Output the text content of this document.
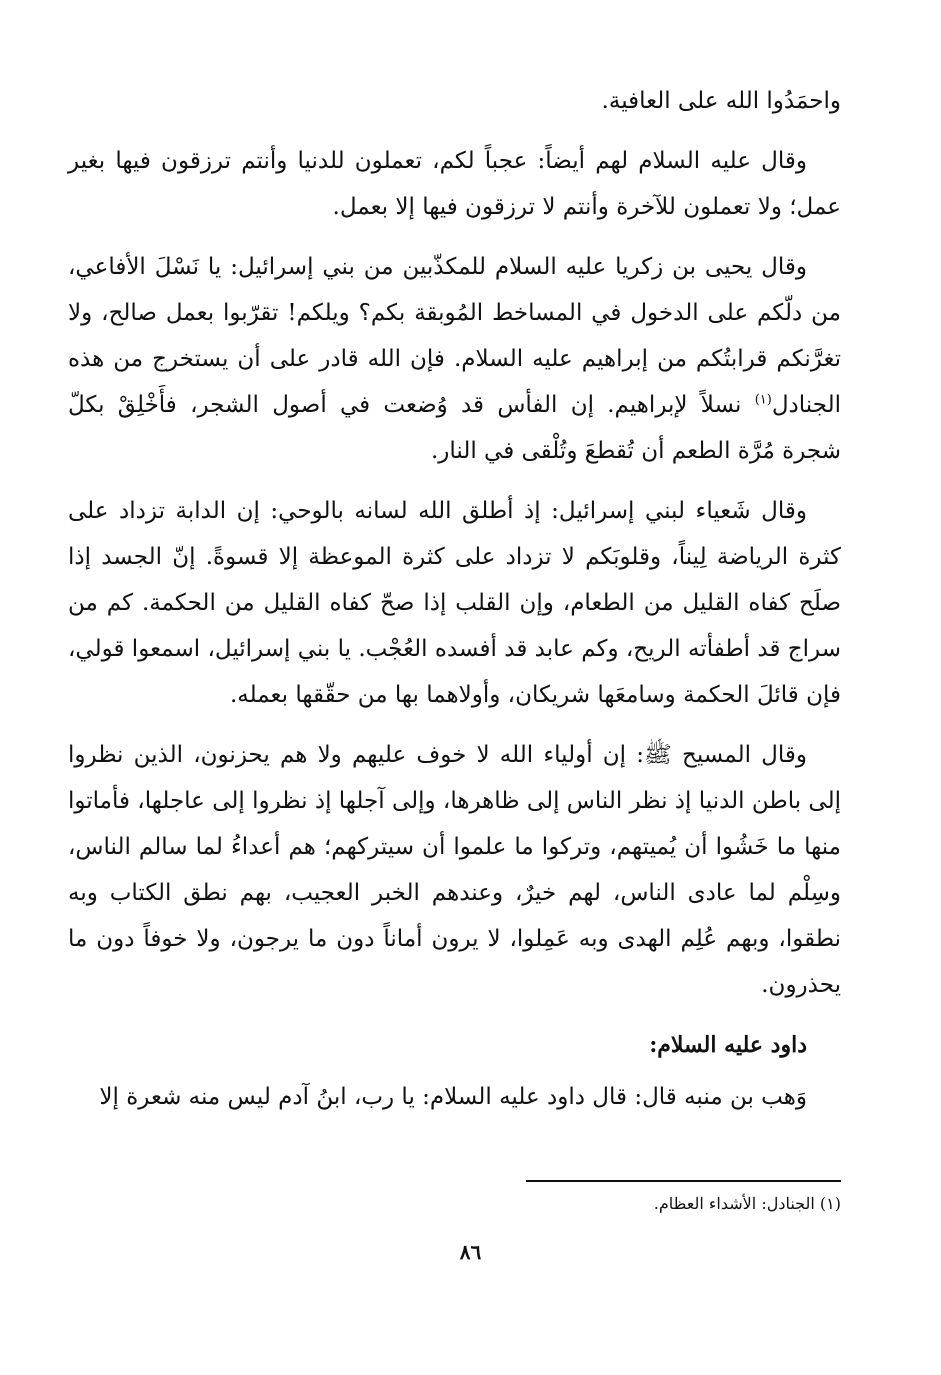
واحمَدُوا الله على العافية.

وقال عليه السلام لهم أيضاً: عجباً لكم، تعملون للدنيا وأنتم ترزقون فيها بغير عمل؛ ولا تعملون للآخرة وأنتم لا ترزقون فيها إلا بعمل.

وقال يحيى بن زكريا عليه السلام للمكذّبين من بني إسرائيل: يا نَسْلَ الأفاعي، من دلّكم على الدخول في المساخط المُوبقة بكم؟ ويلكم! تقرّبوا بعمل صالح، ولا تغرَّنكم قرابتُكم من إبراهيم عليه السلام. فإن الله قادر على أن يستخرج من هذه الجنادل$^{(١)}$ نسلاً لإبراهيم. إن الفأس قد وُضعت في أصول الشجر، فأَخْلِقْ بكلّ شجرة مُرَّة الطعم أن تُقطعَ وتُلْقى في النار.

وقال شَعياء لبني إسرائيل: إذ أطلق الله لسانه بالوحي: إن الدابة تزداد على كثرة الرياضة لِيناً، وقلوبَكم لا تزداد على كثرة الموعظة إلا قسوةً. إنّ الجسد إذا صلَح كفاه القليل من الطعام، وإن القلب إذا صحّ كفاه القليل من الحكمة. كم من سراج قد أطفأته الريح، وكم عابد قد أفسده العُجْب. يا بني إسرائيل، اسمعوا قولي، فإن قائلَ الحكمة وسامعَها شريكان، وأولاهما بها من حقّقها بعمله.

وقال المسيح ﷺ: إن أولياء الله لا خوف عليهم ولا هم يحزنون، الذين نظروا إلى باطن الدنيا إذ نظر الناس إلى ظاهرها، وإلى آجلها إذ نظروا إلى عاجلها، فأماتوا منها ما خَشُوا أن يُميتهم، وتركوا ما علموا أن سيتركهم؛ هم أعداءُ لما سالم الناس، وسِلْم لما عادى الناس، لهم خيرٌ، وعندهم الخبر العجيب، بهم نطق الكتاب وبه نطقوا، وبهم عُلِم الهدى وبه عَمِلوا، لا يرون أماناً دون ما يرجون، ولا خوفاً دون ما يحذرون.

داود عليه السلام:

وَهب بن منبه قال: قال داود عليه السلام: يا رب، ابنُ آدم ليس منه شعرة إلا

(١) الجنادل: الأشداء العظام.
٨٦
